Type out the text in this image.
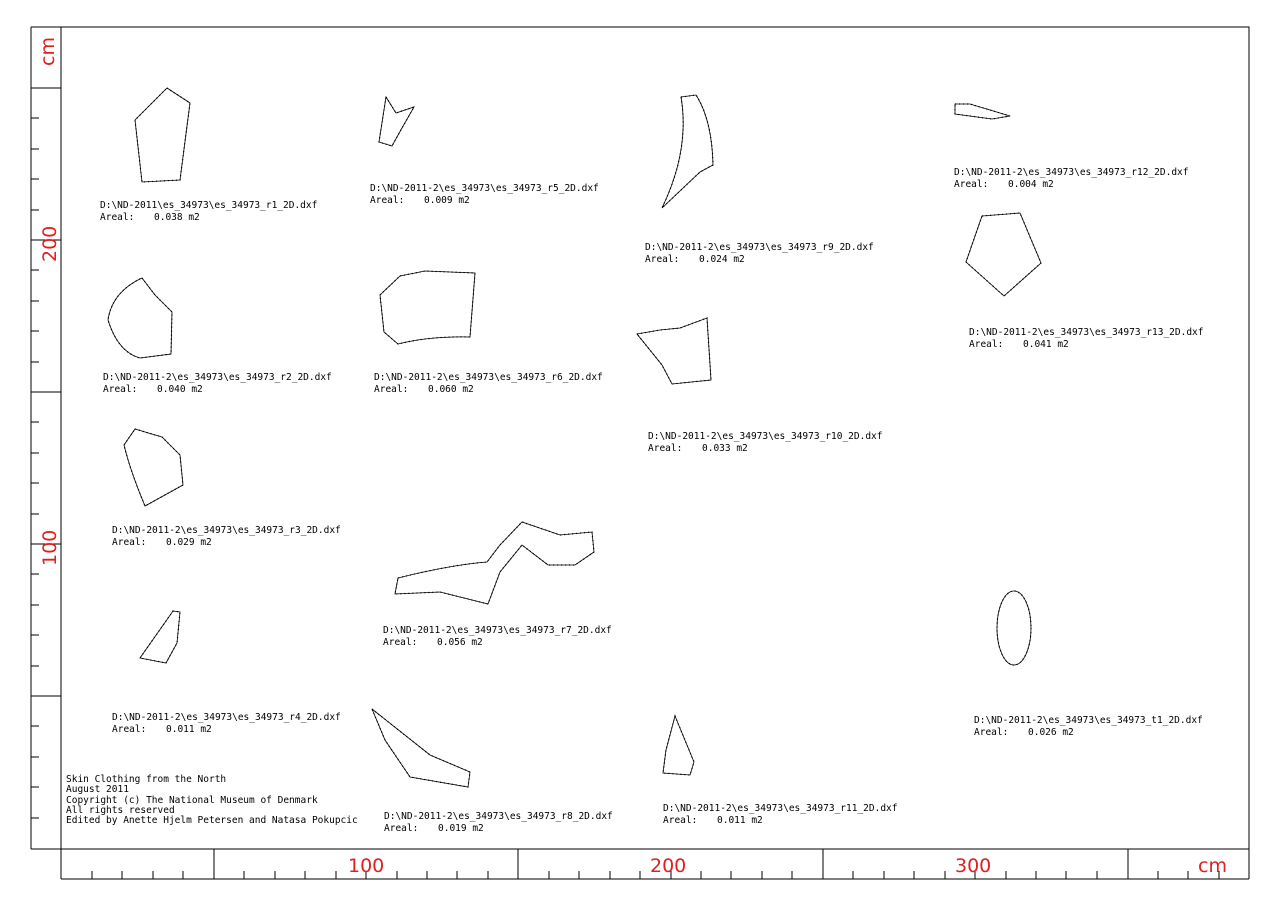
cm
200
100
100	200	300	cm
D:\ND-2011\es_34973\es_34973_r1_2D.dxf
Areal: 0.038 m2
D:\ND-2011-2\es_34973\es_34973_r2_2D.dxf
Areal: 0.040 m2
D:\ND-2011-2\es_34973\es_34973_r3_2D.dxf
Areal: 0.029 m2
D:\ND-2011-2\es_34973\es_34973_r4_2D.dxf
Areal: 0.011 m2
D:\ND-2011-2\es_34973\es_34973_r5_2D.dxf
Areal: 0.009 m2
D:\ND-2011-2\es_34973\es_34973_r6_2D.dxf
Areal: 0.060 m2
D:\ND-2011-2\es_34973\es_34973_r7_2D.dxf
Areal: 0.056 m2
D:\ND-2011-2\es_34973\es_34973_r8_2D.dxf
Areal: 0.019 m2
D:\ND-2011-2\es_34973\es_34973_r9_2D.dxf
Areal: 0.024 m2
D:\ND-2011-2\es_34973\es_34973_r10_2D.dxf
Areal: 0.033 m2
D:\ND-2011-2\es_34973\es_34973_r11_2D.dxf
Areal: 0.011 m2
D:\ND-2011-2\es_34973\es_34973_r12_2D.dxf
Areal: 0.004 m2
D:\ND-2011-2\es_34973\es_34973_r13_2D.dxf
Areal: 0.041 m2
D:\ND-2011-2\es_34973\es_34973_t1_2D.dxf
Areal: 0.026 m2
Skin Clothing from the North
August 2011
Copyright (c) The National Museum of Denmark
All rights reserved
Edited by Anette Hjelm Petersen and Natasa Pokupcic
